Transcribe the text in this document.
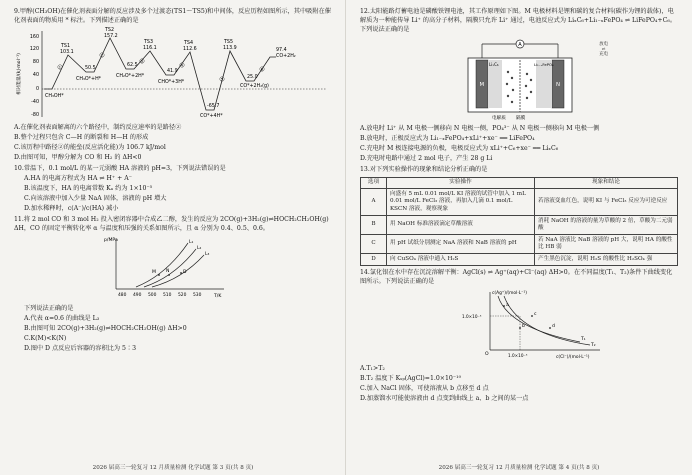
9.甲醇(CH₃OH)在催化剂表面分解的反应涉及多个过渡态(TS1～TS5)和中间体，反应历程如图所示，其中吸附在催化剂表面的物质用 * 标注。下列描述正确的是
相对能量/(kJ·mol⁻¹)
160
120
80
40
0
-40
-80
CH₃OH*
TS1
103.1
50.5
CH₃O*+H*
TS2
157.2
62.5
CH₂O*+2H*
TS3
116.1
41.9
CHO*+3H*
TS4
112.6
-65.7
CO*+4H*
TS5
113.9
25.0
CO*+2H₂(g)
97.4
CO+2H₂
1
2
3
4
5
6
A.在催化剂表面解离的六个路径中，制约反应速率的是路径②
B.整个过程只包含 C—H 的断裂和 H—H 的形成
C.该历程中路径②的能垒(反应活化能)为 106.7 kJ/mol
D.由图可知，甲醇分解为 CO 和 H₂ 的 ΔH<0
10.常温下，0.1 mol/L 的某一元弱酸 HA 溶液的 pH=3，下列说法错误的是
A.HA 的电离方程式为 HA ⇌ H⁺ + A⁻
B.该温度下，HA 的电离常数 Kₐ 约为 1×10⁻⁵
C.向该溶液中加入少量 NaA 固体，溶液的 pH 增大
D.加水稀释时，c(A⁻)/c(HA) 减小
11.将 2 mol CO 和 3 mol H₂ 投入密闭容器中合成乙二醇，发生的反应为 2CO(g)+3H₂(g)⇌HOCH₂CH₂OH(g) ΔH，CO 的固定平衡转化率 α 与温度和压强的关系如图所示，且 α 分别为 0.4、0.5、0.6。
p/MPa
T/K
480 490 500 510 520 530
L₁
L₂
L₃
M N	D
下列说法正确的是
A.代表 α=0.6 的曲线是 L₃
B.由图可知 2CO(g)+3H₂(g)⇌HOCH₂CH₂OH(g) ΔH>0
C.K(M)<K(N)
D.图中 D 点反应后容器的容积比为 5∶3
2026 届高三一轮复习 12 月质量检测 化学试题 第 3 页(共 8 页)
12.太阳能路灯蓄电池是磷酸铁锂电池，其工作原理如下图。M 电极材料是锂和碳的复合材料(碳作为锂的载体)，电解质为一种能传导 Li⁺ 的高分子材料，隔膜只允许 Li⁺ 通过，电池反应式为 LiₓC₆+Li₁₋ₓFePO₄ ⇌ LiFePO₄+C₆。下列说法正确的是
放电
⇌
充电
A
M	N
LiₓC₆	Li₁₋ₓFePO₄
电解质 隔膜
A.放电时 Li⁺ 从 M 电极一侧移向 N 电极一侧，PO₄³⁻ 从 N 电极一侧移向 M 电极一侧
B.放电时，正极反应式为 Li₁₋ₓFePO₄+xLi⁺+xe⁻ ══ LiFePO₄
C.充电时 M 极连接电源的负极，电极反应式为 xLi⁺+C₆+xe⁻ ══ LiₓC₆
D.充电时电路中通过 2 mol 电子，产生 28 g Li
13.对下列实验操作的现象和结论分析正确的是
选项	实验操作	现象和结论
A	向盛有 5 mL 0.01 mol/L KI 溶液的试管中加入 1 mL 0.01 mol/L FeCl₃ 溶液，再加入几滴 0.1 mol/L KSCN 溶液，观察现象	若溶液变血红色，说明 KI 与 FeCl₃ 反应为可逆反应
B	用 NaOH 标准溶液滴定草酸溶液	消耗 NaOH 的溶液的量为草酸的 2 倍，草酸为二元弱酸
C	用 pH 试纸分别测定 NaA 溶液和 NaB 溶液的 pH	若 NaA 溶液比 NaB 溶液的 pH 大，说明 HA 的酸性比 HB 弱
D	向 CuSO₄ 溶液中通入 H₂S	产生黑色沉淀，说明 H₂S 的酸性比 H₂SO₄ 强
14.氯化银在水中存在沉淀溶解平衡：AgCl(s) ⇌ Ag⁺(aq)+Cl⁻(aq) ΔH>0。在不同温度(T₁、T₂)条件下曲线变化图所示。下列说法正确的是
c(Ag⁺)/(mol·L⁻¹)
c(Cl⁻)/(mol·L⁻¹)
O
1.0×10⁻⁵
1.0×10⁻⁵
T₁
T₂
a
b
c
d
A.T₁>T₂
B.T₂ 温度下 Kₛₚ(AgCl)=1.0×10⁻¹⁰
C.加入 NaCl 固体，可使溶液从 b 点移至 d 点
D.加蒸馏水可能使溶液由 d 点变到曲线上 a、b 之间的某一点
2026 届高三一轮复习 12 月质量检测 化学试题 第 4 页(共 8 页)
